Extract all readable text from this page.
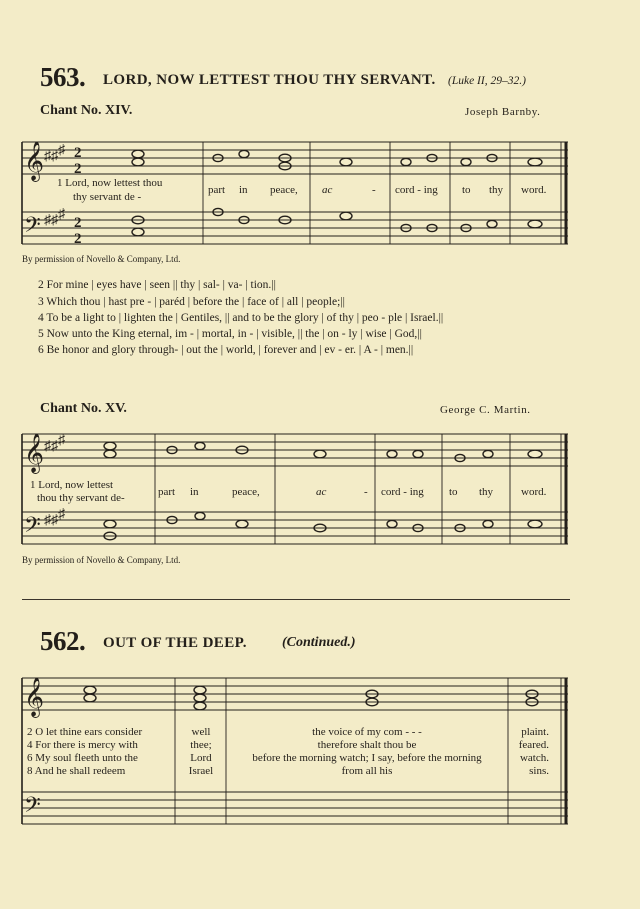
563. LORD, NOW LETTEST THOU THY SERVANT. (Luke II, 29–32.)
Chant No. XIV.	Joseph Barnby.
𝄞
𝄢
♯♯ ♯
♯♯ ♯
2
2
2
2
1 Lord, now lettest thou
thy servant de -
part in peace, ac	- cord - ing to thy word.
By permission of Novello & Company, Ltd.
2 For mine | eyes have | seen || thy | sal- | va- | tion.||
3 Which thou | hast pre - | paréd | before the | face of | all | people;||
4 To be a light to | lighten the | Gentiles, || and to be the glory | of thy | peo - ple | Israel.||
5 Now unto the King eternal, im - | mortal, in - | visible, || the | on - ly | wise | God,||
6 Be honor and glory through- | out the | world, | forever and | ev - er. | A - | men.||
Chant No. XV.	George C. Martin.
𝄞
𝄢
♯♯ ♯
♯♯ ♯
1 Lord, now lettest
thou thy servant de-	part in	peace,	ac	- cord - ing to thy	word.
By permission of Novello & Company, Ltd.
562. OUT OF THE DEEP.	(Continued.)
𝄞
𝄢
2 O let thine ears consider
4 For there is mercy with
6 My soul fleeth unto the
8 And he shall redeem
well
thee;
Lord
Israel
the voice of my com - - -
therefore shalt thou be
before the morning watch; I say, before the morning
from all his
plaint.
feared.
watch.
sins.
